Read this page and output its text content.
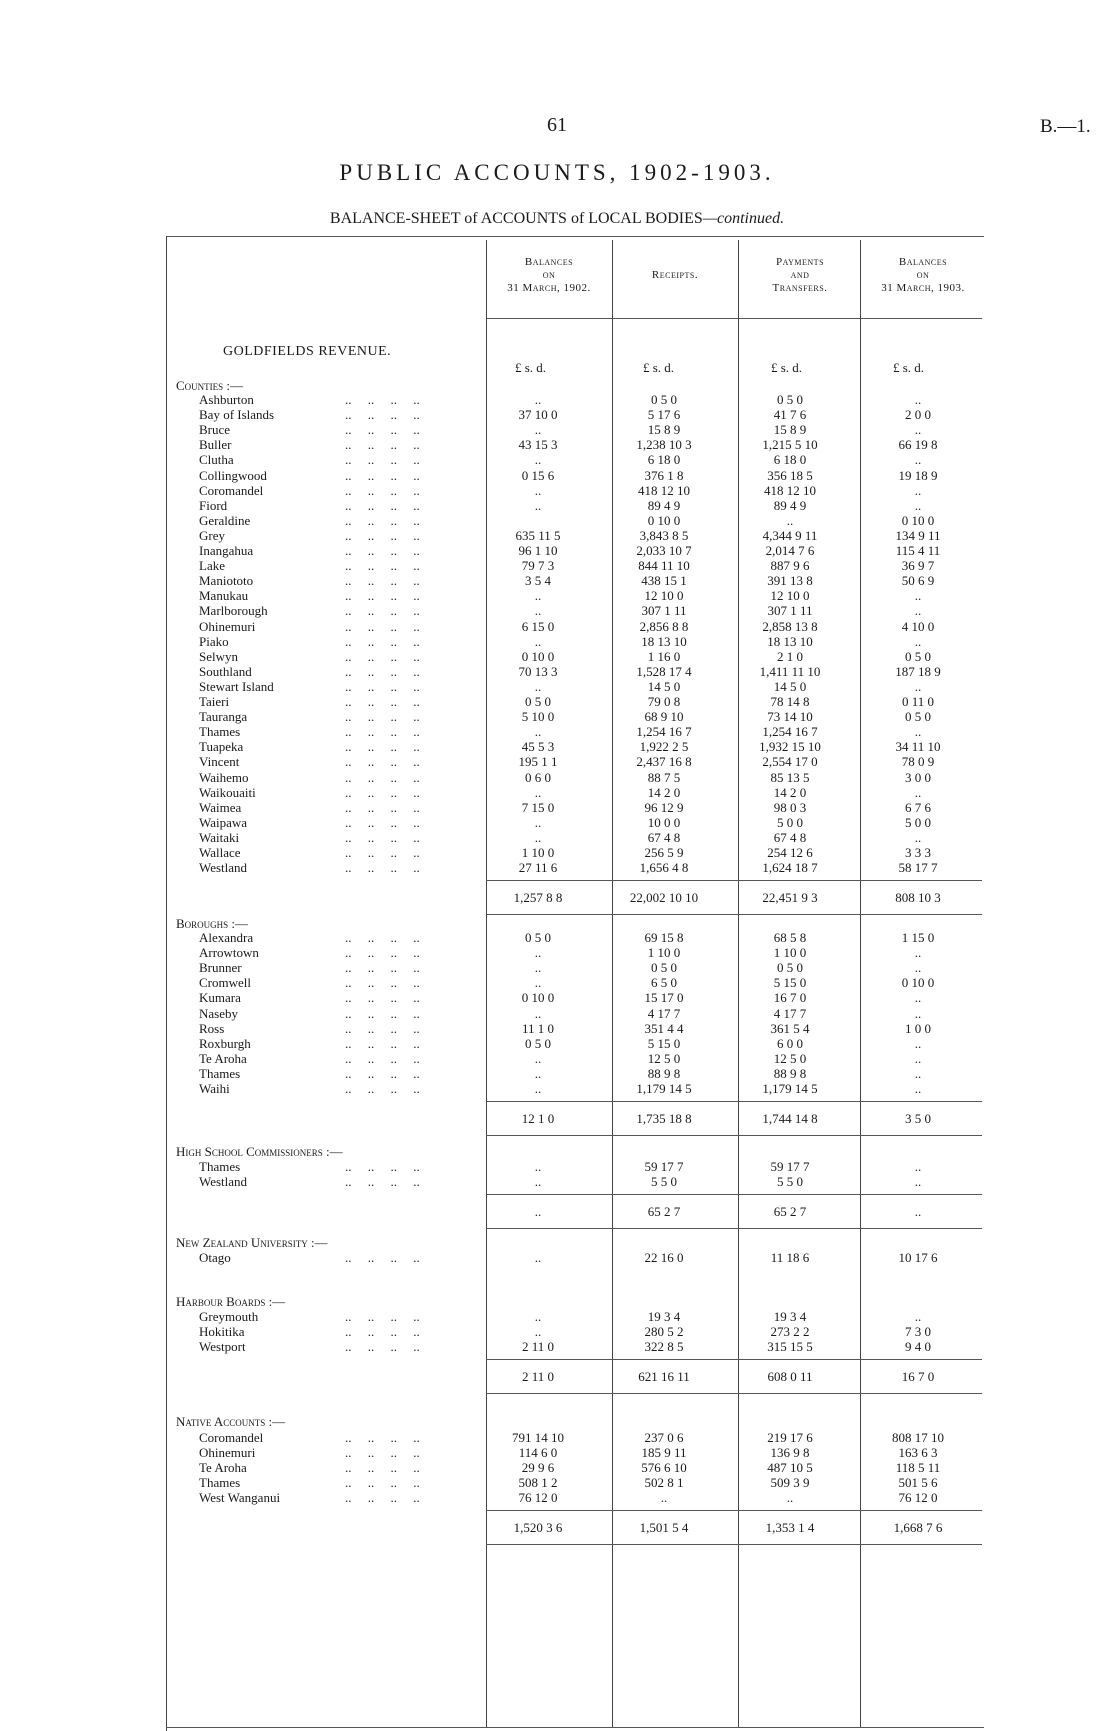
61	B.—1.
PUBLIC ACCOUNTS, 1902-1903.
BALANCE-SHEET of ACCOUNTS of LOCAL BODIES—continued.
Balances
on
31 March, 1902.
Receipts.
Payments
and
Transfers.
Balances
on
31 March, 1903.
GOLDFIELDS REVENUE.
£ s. d.	£ s. d.	£ s. d.	£ s. d.
Counties :—
Ashburton	..     ..     ..     ..	..	0 5 0	0 5 0	..
Bay of Islands	..     ..     ..     ..	37 10 0	5 17 6	41 7 6	2 0 0
Bruce	..     ..     ..     ..	..	15 8 9	15 8 9	..
Buller	..     ..     ..     ..	43 15 3	1,238 10 3	1,215 5 10	66 19 8
Clutha	..     ..     ..     ..	..	6 18 0	6 18 0	..
Collingwood	..     ..     ..     ..	0 15 6	376 1 8	356 18 5	19 18 9
Coromandel	..     ..     ..     ..	..	418 12 10	418 12 10	..
Fiord	..     ..     ..     ..	..	89 4 9	89 4 9	..
Geraldine	..     ..     ..     ..	0 10 0	..	0 10 0
Grey	..     ..     ..     ..	635 11 5	3,843 8 5	4,344 9 11	134 9 11
Inangahua	..     ..     ..     ..	96 1 10	2,033 10 7	2,014 7 6	115 4 11
Lake	..     ..     ..     ..	79 7 3	844 11 10	887 9 6	36 9 7
Maniototo	..     ..     ..     ..	3 5 4	438 15 1	391 13 8	50 6 9
Manukau	..     ..     ..     ..	..	12 10 0	12 10 0	..
Marlborough	..     ..     ..     ..	..	307 1 11	307 1 11	..
Ohinemuri	..     ..     ..     ..	6 15 0	2,856 8 8	2,858 13 8	4 10 0
Piako	..     ..     ..     ..	..	18 13 10	18 13 10	..
Selwyn	..     ..     ..     ..	0 10 0	1 16 0	2 1 0	0 5 0
Southland	..     ..     ..     ..	70 13 3	1,528 17 4	1,411 11 10	187 18 9
Stewart Island	..     ..     ..     ..	..	14 5 0	14 5 0	..
Taieri	..     ..     ..     ..	0 5 0	79 0 8	78 14 8	0 11 0
Tauranga	..     ..     ..     ..	5 10 0	68 9 10	73 14 10	0 5 0
Thames	..     ..     ..     ..	..	1,254 16 7	1,254 16 7	..
Tuapeka	..     ..     ..     ..	45 5 3	1,922 2 5	1,932 15 10	34 11 10
Vincent	..     ..     ..     ..	195 1 1	2,437 16 8	2,554 17 0	78 0 9
Waihemo	..     ..     ..     ..	0 6 0	88 7 5	85 13 5	3 0 0
Waikouaiti	..     ..     ..     ..	..	14 2 0	14 2 0	..
Waimea	..     ..     ..     ..	7 15 0	96 12 9	98 0 3	6 7 6
Waipawa	..     ..     ..     ..	..	10 0 0	5 0 0	5 0 0
Waitaki	..     ..     ..     ..	..	67 4 8	67 4 8	..
Wallace	..     ..     ..     ..	1 10 0	256 5 9	254 12 6	3 3 3
Westland	..     ..     ..     ..	27 11 6	1,656 4 8	1,624 18 7	58 17 7
1,257 8 8	22,002 10 10	22,451 9 3	808 10 3
Boroughs :—
Alexandra	..     ..     ..     ..	0 5 0	69 15 8	68 5 8	1 15 0
Arrowtown	..     ..     ..     ..	..	1 10 0	1 10 0	..
Brunner	..     ..     ..     ..	..	0 5 0	0 5 0	..
Cromwell	..     ..     ..     ..	..	6 5 0	5 15 0	0 10 0
Kumara	..     ..     ..     ..	0 10 0	15 17 0	16 7 0	..
Naseby	..     ..     ..     ..	..	4 17 7	4 17 7	..
Ross	..     ..     ..     ..	11 1 0	351 4 4	361 5 4	1 0 0
Roxburgh	..     ..     ..     ..	0 5 0	5 15 0	6 0 0	..
Te Aroha	..     ..     ..     ..	..	12 5 0	12 5 0	..
Thames	..     ..     ..     ..	..	88 9 8	88 9 8	..
Waihi	..     ..     ..     ..	..	1,179 14 5	1,179 14 5	..
12 1 0	1,735 18 8	1,744 14 8	3 5 0
High School Commissioners :—
Thames	..     ..     ..     ..	..	59 17 7	59 17 7	..
Westland	..     ..     ..     ..	..	5 5 0	5 5 0	..
..	65 2 7	65 2 7	..
New Zealand University :—
Otago	..     ..     ..     ..	..	22 16 0	11 18 6	10 17 6
Harbour Boards :—
Greymouth	..     ..     ..     ..	..	19 3 4	19 3 4	..
Hokitika	..     ..     ..     ..	..	280 5 2	273 2 2	7 3 0
Westport	..     ..     ..     ..	2 11 0	322 8 5	315 15 5	9 4 0
2 11 0	621 16 11	608 0 11	16 7 0
Native Accounts :—
Coromandel	..     ..     ..     ..	791 14 10	237 0 6	219 17 6	808 17 10
Ohinemuri	..     ..     ..     ..	114 6 0	185 9 11	136 9 8	163 6 3
Te Aroha	..     ..     ..     ..	29 9 6	576 6 10	487 10 5	118 5 11
Thames	..     ..     ..     ..	508 1 2	502 8 1	509 3 9	501 5 6
West Wanganui	..     ..     ..     ..	76 12 0	..	..	76 12 0
1,520 3 6	1,501 5 4	1,353 1 4	1,668 7 6
